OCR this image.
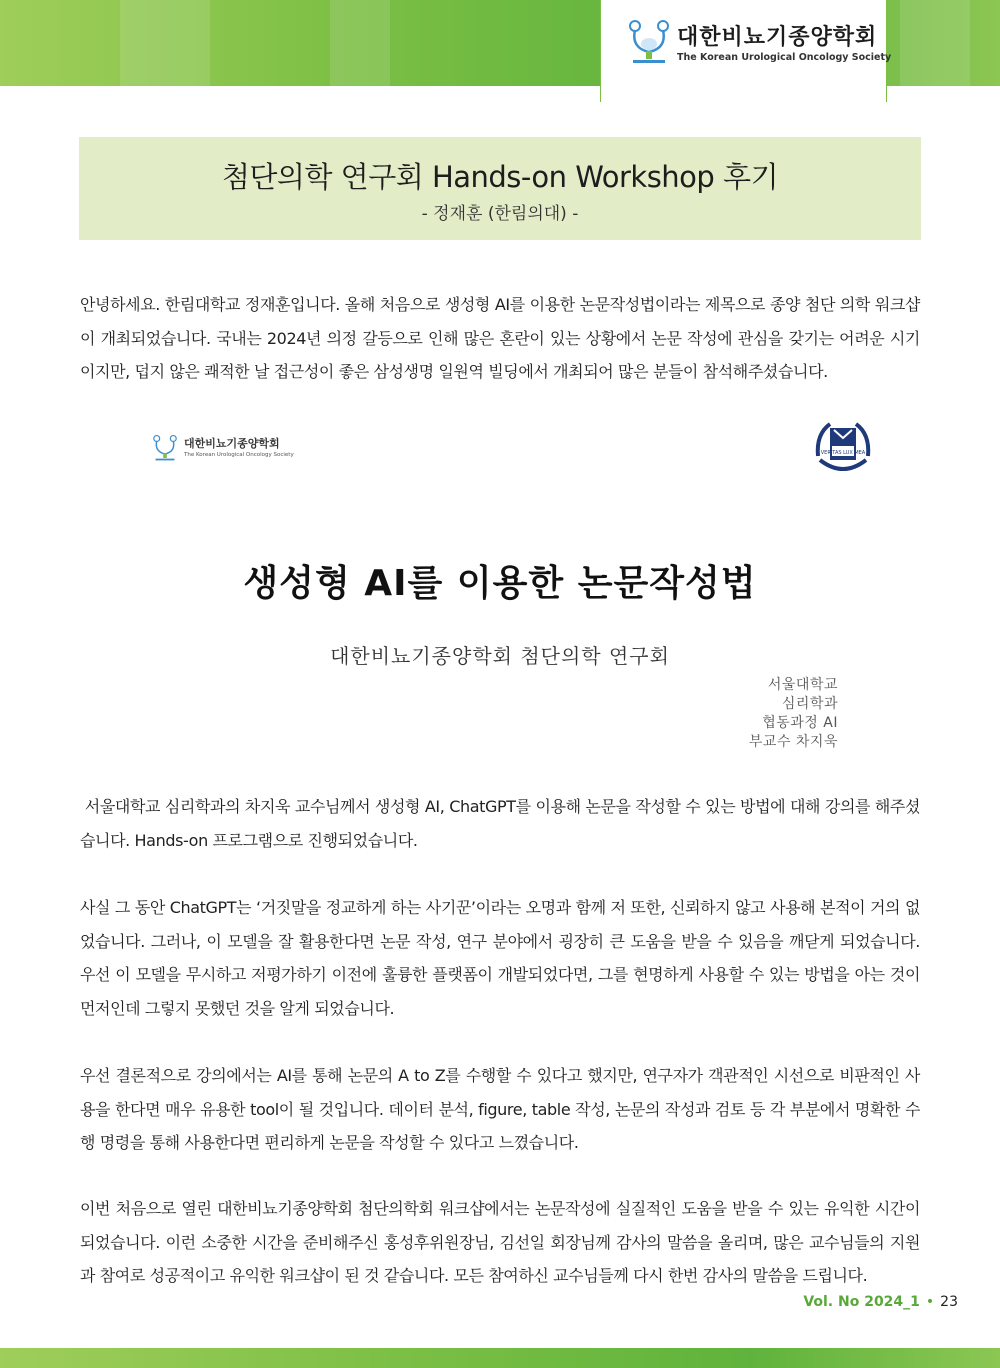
대한비뇨기종양학회
The Korean Urological Oncology Society
첨단의학 연구회 Hands-on Workshop 후기
- 정재훈 (한림의대) -

안녕하세요. 한림대학교 정재훈입니다. 올해 처음으로 생성형 AI를 이용한 논문작성법이라는 제목으로 종양 첨단 의학 워크샵이 개최되었습니다. 국내는 2024년 의정 갈등으로 인해 많은 혼란이 있는 상황에서 논문 작성에 관심을 갖기는 어려운 시기이지만, 덥지 않은 쾌적한 날 접근성이 좋은 삼성생명 일원역 빌딩에서 개최되어 많은 분들이 참석해주셨습니다.

대한비뇨기종양학회
The Korean Urological Oncology Society	VERITAS LUX MEA
생성형 AI를 이용한 논문작성법
대한비뇨기종양학회 첨단의학 연구회
서울대학교
심리학과
협동과정 AI
부교수 차지욱

서울대학교 심리학과의 차지욱 교수님께서 생성형 AI, ChatGPT를 이용해 논문을 작성할 수 있는 방법에 대해 강의를 해주셨습니다. Hands-on 프로그램으로 진행되었습니다.

사실 그 동안 ChatGPT는 ‘거짓말을 정교하게 하는 사기꾼’이라는 오명과 함께 저 또한, 신뢰하지 않고 사용해 본적이 거의 없었습니다. 그러나, 이 모델을 잘 활용한다면 논문 작성, 연구 분야에서 굉장히 큰 도움을 받을 수 있음을 깨닫게 되었습니다. 우선 이 모델을 무시하고 저평가하기 이전에 훌륭한 플랫폼이 개발되었다면, 그를 현명하게 사용할 수 있는 방법을 아는 것이 먼저인데 그렇지 못했던 것을 알게 되었습니다.

우선 결론적으로 강의에서는 AI를 통해 논문의 A to Z를 수행할 수 있다고 했지만, 연구자가 객관적인 시선으로 비판적인 사용을 한다면 매우 유용한 tool이 될 것입니다. 데이터 분석, figure, table 작성, 논문의 작성과 검토 등 각 부분에서 명확한 수행 명령을 통해 사용한다면 편리하게 논문을 작성할 수 있다고 느꼈습니다.

이번 처음으로 열린 대한비뇨기종양학회 첨단의학회 워크샵에서는 논문작성에 실질적인 도움을 받을 수 있는 유익한 시간이 되었습니다. 이런 소중한 시간을 준비해주신 홍성후위원장님, 김선일 회장님께 감사의 말씀을 올리며, 많은 교수님들의 지원과 참여로 성공적이고 유익한 워크샵이 된 것 같습니다. 모든 참여하신 교수님들께 다시 한번 감사의 말씀을 드립니다.

Vol. No 2024_1 • 23
